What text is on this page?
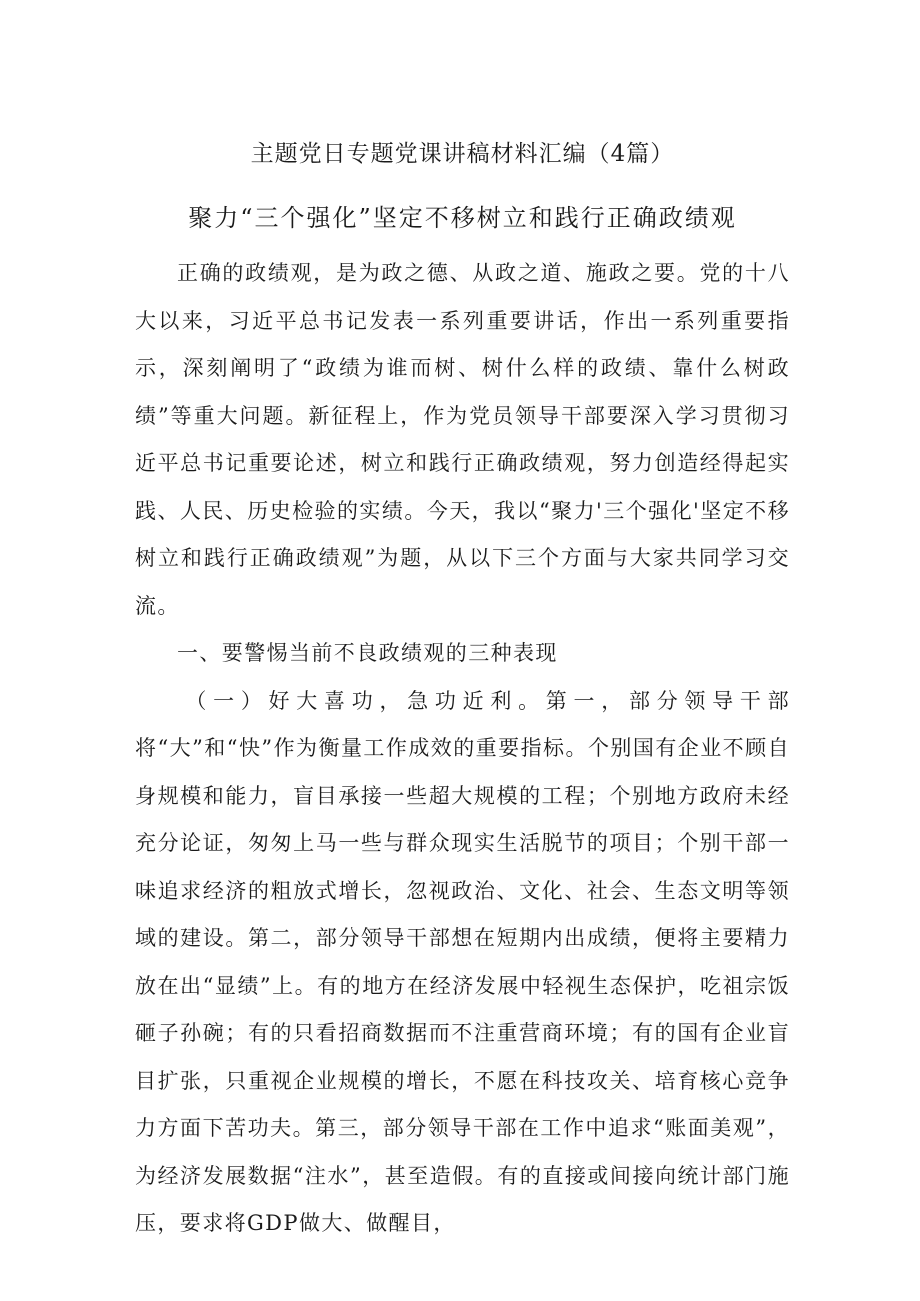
主题党日专题党课讲稿材料汇编（4篇）
聚力“三个强化”坚定不移树立和践行正确政绩观

正确的政绩观，是为政之德、从政之道、施政之要。党的十八大以来，习近平总书记发表一系列重要讲话，作出一系列重要指示，深刻阐明了“政绩为谁而树、树什么样的政绩、靠什么树政绩”等重大问题。新征程上，作为党员领导干部要深入学习贯彻习近平总书记重要论述，树立和践行正确政绩观，努力创造经得起实践、人民、历史检验的实绩。今天，我以“聚力'三个强化'坚定不移树立和践行正确政绩观”为题，从以下三个方面与大家共同学习交流。

一、要警惕当前不良政绩观的三种表现

（一）好大喜功，急功近利。第一，部分领导干部将“大”和“快”作为衡量工作成效的重要指标。个别国有企业不顾自身规模和能力，盲目承接一些超大规模的工程；个别地方政府未经充分论证，匆匆上马一些与群众现实生活脱节的项目；个别干部一味追求经济的粗放式增长，忽视政治、文化、社会、生态文明等领域的建设。第二，部分领导干部想在短期内出成绩，便将主要精力放在出“显绩”上。有的地方在经济发展中轻视生态保护，吃祖宗饭砸子孙碗；有的只看招商数据而不注重营商环境；有的国有企业盲目扩张，只重视企业规模的增长，不愿在科技攻关、培育核心竞争力方面下苦功夫。第三，部分领导干部在工作中追求“账面美观”，为经济发展数据“注水”，甚至造假。有的直接或间接向统计部门施压，要求将GDP做大、做醒目，
